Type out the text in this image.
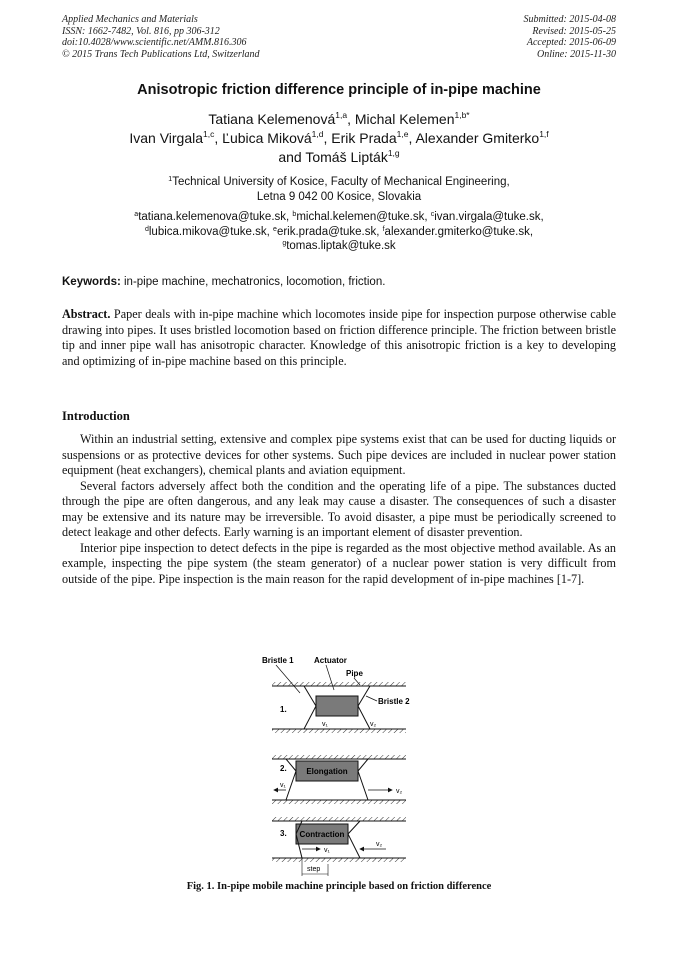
Applied Mechanics and Materials
ISSN: 1662-7482, Vol. 816, pp 306-312
doi:10.4028/www.scientific.net/AMM.816.306
© 2015 Trans Tech Publications Ltd, Switzerland
Submitted: 2015-04-08
Revised: 2015-05-25
Accepted: 2015-06-09
Online: 2015-11-30
Anisotropic friction difference principle of in-pipe machine
Tatiana Kelemenová$^{1,a}$, Michal Kelemen$^{1,b*}$
Ivan Virgala$^{1,c}$, Ľubica Miková$^{1,d}$, Erik Prada$^{1,e}$, Alexander Gmiterko$^{1,f}$
and Tomáš Lipták$^{1,g}$
$^1$Technical University of Kosice, Faculty of Mechanical Engineering,
Letna 9 042 00 Kosice, Slovakia
$^a$tatiana.kelemenova@tuke.sk, $^b$michal.kelemen@tuke.sk, $^c$ivan.virgala@tuke.sk,
$^d$lubica.mikova@tuke.sk, $^e$erik.prada@tuke.sk, $^f$alexander.gmiterko@tuke.sk,
$^g$tomas.liptak@tuke.sk
Keywords: in-pipe machine, mechatronics, locomotion, friction.
Abstract. Paper deals with in-pipe machine which locomotes inside pipe for inspection purpose otherwise cable drawing into pipes. It uses bristled locomotion based on friction difference principle. The friction between bristle tip and inner pipe wall has anisotropic character. Knowledge of this anisotropic friction is a key to developing and optimizing of in-pipe machine based on this principle.
Introduction

Within an industrial setting, extensive and complex pipe systems exist that can be used for ducting liquids or suspensions or as protective devices for other systems. Such pipe devices are included in nuclear power station equipment (heat exchangers), chemical plants and aviation equipment.

Several factors adversely affect both the condition and the operating life of a pipe. The substances ducted through the pipe are often dangerous, and any leak may cause a disaster. The consequences of such a disaster may be extensive and its nature may be irreversible. To avoid disaster, a pipe must be periodically screened to detect leakage and other defects. Early warning is an important element of disaster prevention.

Interior pipe inspection to detect defects in the pipe is regarded as the most objective method available. As an example, inspecting the pipe system (the steam generator) of a nuclear power station is very difficult from outside of the pipe. Pipe inspection is the main reason for the rapid development of in-pipe machines [1-7].

Bristle 1	Actuator
Pipe
Bristle 2
1.
v₁	v₂
Elongation
2.
v₁
v₂
Contraction
3.
v₁
v₂
step
Fig. 1. In-pipe mobile machine principle based on friction difference
